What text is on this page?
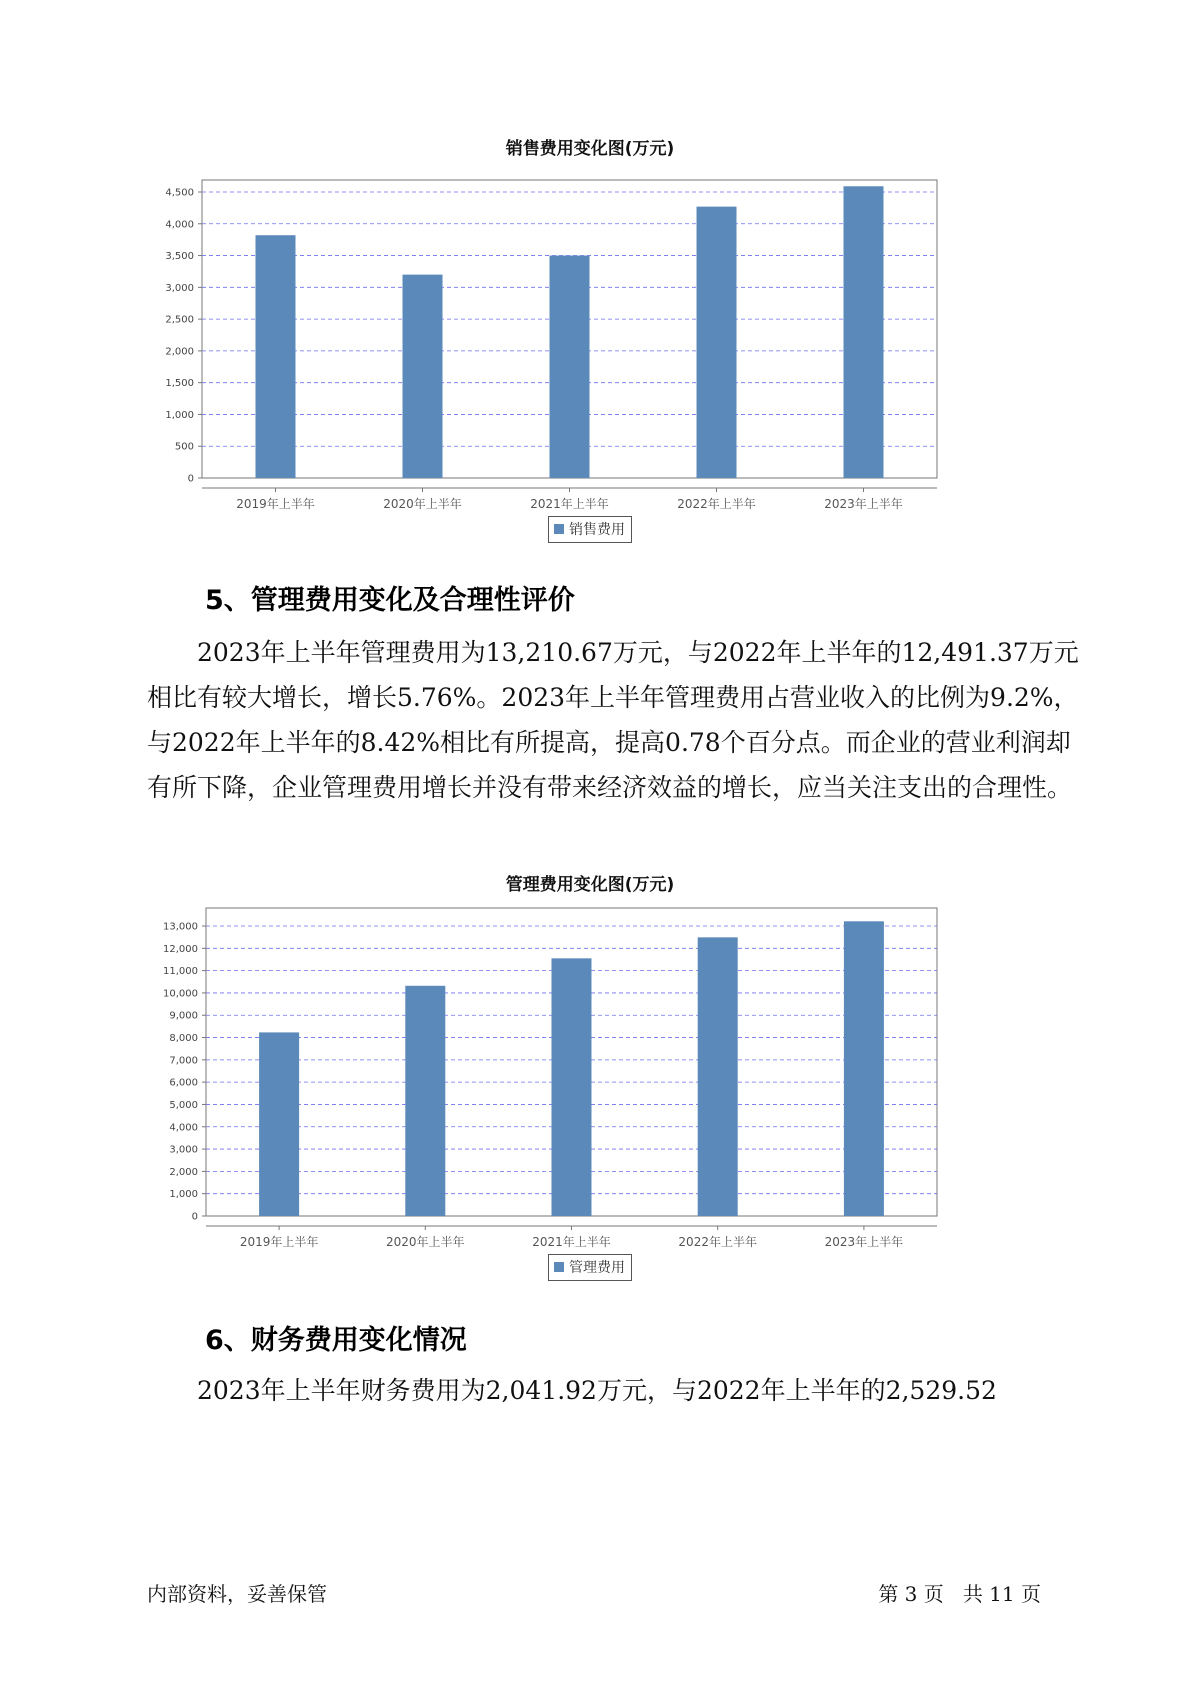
销售费用变化图(万元)
0
500
1,000
1,500
2,000
2,500
3,000
3,500
4,000
4,500
2019年上半年	2020年上半年	2021年上半年	2022年上半年	2023年上半年
销售费用
5、管理费用变化及合理性评价

2023年上半年管理费用为13,210.67万元，与2022年上半年的12,491.37万元相比有较大增长，增长5.76%。2023年上半年管理费用占营业收入的比例为9.2%，与2022年上半年的8.42%相比有所提高，提高0.78个百分点。而企业的营业利润却有所下降，企业管理费用增长并没有带来经济效益的增长，应当关注支出的合理性。

管理费用变化图(万元)
0
1,000
2,000
3,000
4,000
5,000
6,000
7,000
8,000
9,000
10,000
11,000
12,000
13,000
2019年上半年	2020年上半年	2021年上半年	2022年上半年	2023年上半年
管理费用
6、财务费用变化情况

2023年上半年财务费用为2,041.92万元，与2022年上半年的2,529.52

内部资料，妥善保管	第 3 页   共 11 页
